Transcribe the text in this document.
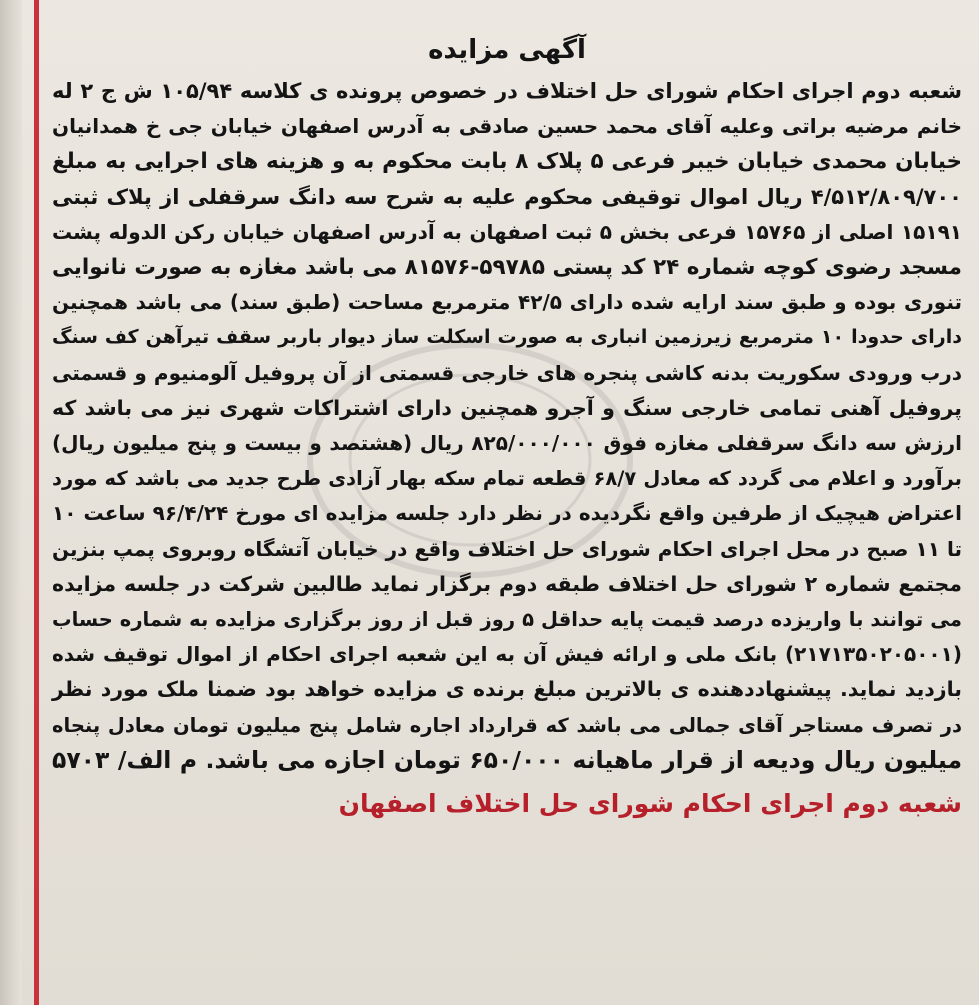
آگهی مزایده
شعبه دوم اجرای احکام شورای حل اختلاف در خصوص پرونده ی کلاسه ۱۰۵/۹۴ ش ج ۲ له
خانم مرضیه براتی وعلیه آقای محمد حسین صادقی به آدرس اصفهان خیابان جی خ همدانیان
خیابان محمدی خیابان خیبر فرعی ۵ پلاک ۸ بابت محکوم به و هزینه های اجرایی به مبلغ
۴/۵۱۲/۸۰۹/۷۰۰ ریال اموال توقیفی محکوم علیه به شرح سه دانگ سرقفلی از پلاک ثبتی
۱۵۱۹۱ اصلی از ۱۵۷۶۵ فرعی بخش ۵ ثبت اصفهان به آدرس اصفهان خیابان رکن الدوله پشت
مسجد رضوی کوچه شماره ۲۴ کد پستی ۵۹۷۸۵-۸۱۵۷۶ می باشد مغازه به صورت نانوایی
تنوری بوده و طبق سند ارایه شده دارای ۴۲/۵ مترمربع مساحت (طبق سند) می باشد همچنین
دارای حدودا ۱۰ مترمربع زیرزمین انباری به صورت اسکلت ساز دیوار باربر سقف تیرآهن کف سنگ
درب ورودی سکوریت بدنه کاشی پنجره های خارجی قسمتی از آن پروفیل آلومنیوم و قسمتی
پروفیل آهنی تمامی خارجی سنگ و آجرو همچنین دارای اشتراکات شهری نیز می باشد که
ارزش سه دانگ سرقفلی مغازه فوق ۸۲۵/۰۰۰/۰۰۰ ریال (هشتصد و بیست و پنج میلیون ریال)
برآورد و اعلام می گردد که معادل ۶۸/۷ قطعه تمام سکه بهار آزادی طرح جدید می باشد که مورد
اعتراض هیچیک از طرفین واقع نگردیده در نظر دارد جلسه مزایده ای مورخ ۹۶/۴/۲۴ ساعت ۱۰
تا ۱۱ صبح در محل اجرای احکام شورای حل اختلاف واقع در خیابان آتشگاه روبروی پمپ بنزین
مجتمع شماره ۲ شورای حل اختلاف طبقه دوم برگزار نماید طالبین شرکت در جلسه مزایده
می توانند با واریزده درصد قیمت پایه حداقل ۵ روز قبل از روز برگزاری مزایده به شماره حساب
(۲۱۷۱۳۵۰۲۰۵۰۰۱) بانک ملی و ارائه فیش آن به این شعبه اجرای احکام از اموال توقیف شده
بازدید نماید. پیشنهاددهنده ی بالاترین مبلغ برنده ی مزایده خواهد بود ضمنا ملک مورد نظر
در تصرف مستاجر آقای جمالی می باشد که قرارداد اجاره شامل پنج میلیون تومان معادل پنجاه
میلیون ریال ودیعه از قرار ماهیانه ۶۵۰/۰۰۰ تومان اجازه می باشد. م الف/ ۵۷۰۳
شعبه دوم اجرای احکام شورای حل اختلاف اصفهان
